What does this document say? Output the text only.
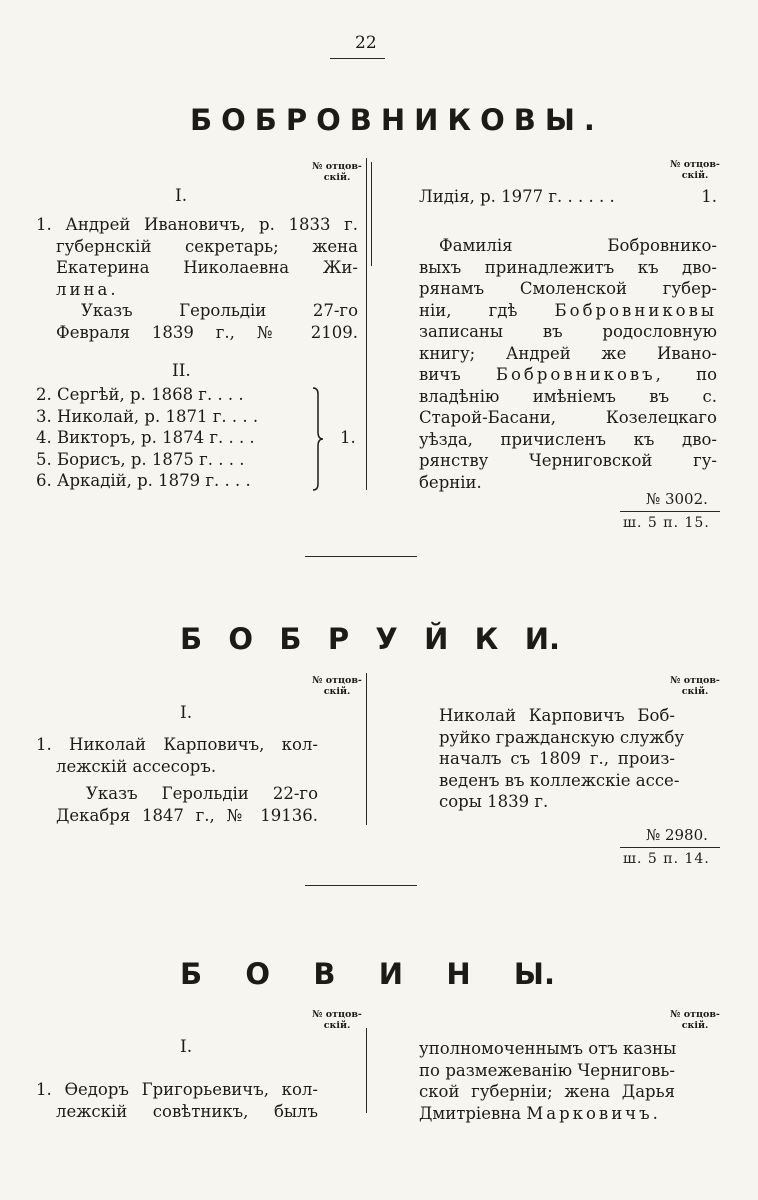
22
БОБРОВНИКОВЫ.
№ отцов-
скій.
№ отцов-
скій.
I.
1. Андрей Ивановичъ, р. 1833 г.
губернскій секретарь; жена
Екатерина Николаевна Жи-
лина.
Указъ Герольдіи 27-го
Февраля 1839 г., № 2109.
II.
2. Сергѣй, р. 1868 г. . . .
3. Николай, р. 1871 г. . . .
4. Викторъ, р. 1874 г. . . .
5. Борисъ, р. 1875 г. . . .
6. Аркадій, р. 1879 г. . . .
1.
Лидія, р. 1977 г. . . . . .	1.
Фамилія Бобровнико-
выхъ принадлежитъ къ дво-
рянамъ Смоленской губер-
ніи, гдѣ Бобровниковы
записаны въ родословную
книгу; Андрей же Ивано-
вичъ Бобровниковъ, по
владѣнію имѣніемъ въ с.
Старой-Басани, Козелецкаго
уѣзда, причисленъ къ дво-
рянству Черниговской гу-
берніи.
№ 3002.
ш. 5 п. 15.
Б О Б Р У Й К И.
№ отцов-
скій.
№ отцов-
скій.
I.
1. Николай Карповичъ, кол-
лежскій ассесоръ.
Указъ Герольдіи 22-го
Декабря 1847 г., № 19136.
Николай Карповичъ Боб-
руйко гражданскую службу
началъ съ 1809 г., произ-
веденъ въ коллежскіе ассе-
соры 1839 г.
№ 2980.
ш. 5 п. 14.
Б О В И Н Ы.
№ отцов-
скій.
№ отцов-
скій.
I.
1. Ѳедоръ Григорьевичъ, кол-
лежскій совѣтникъ, былъ
уполномоченнымъ отъ казны
по размежеванію Черниговь-
ской губерніи; жена Дарья
Дмитріевна Марковичъ.
